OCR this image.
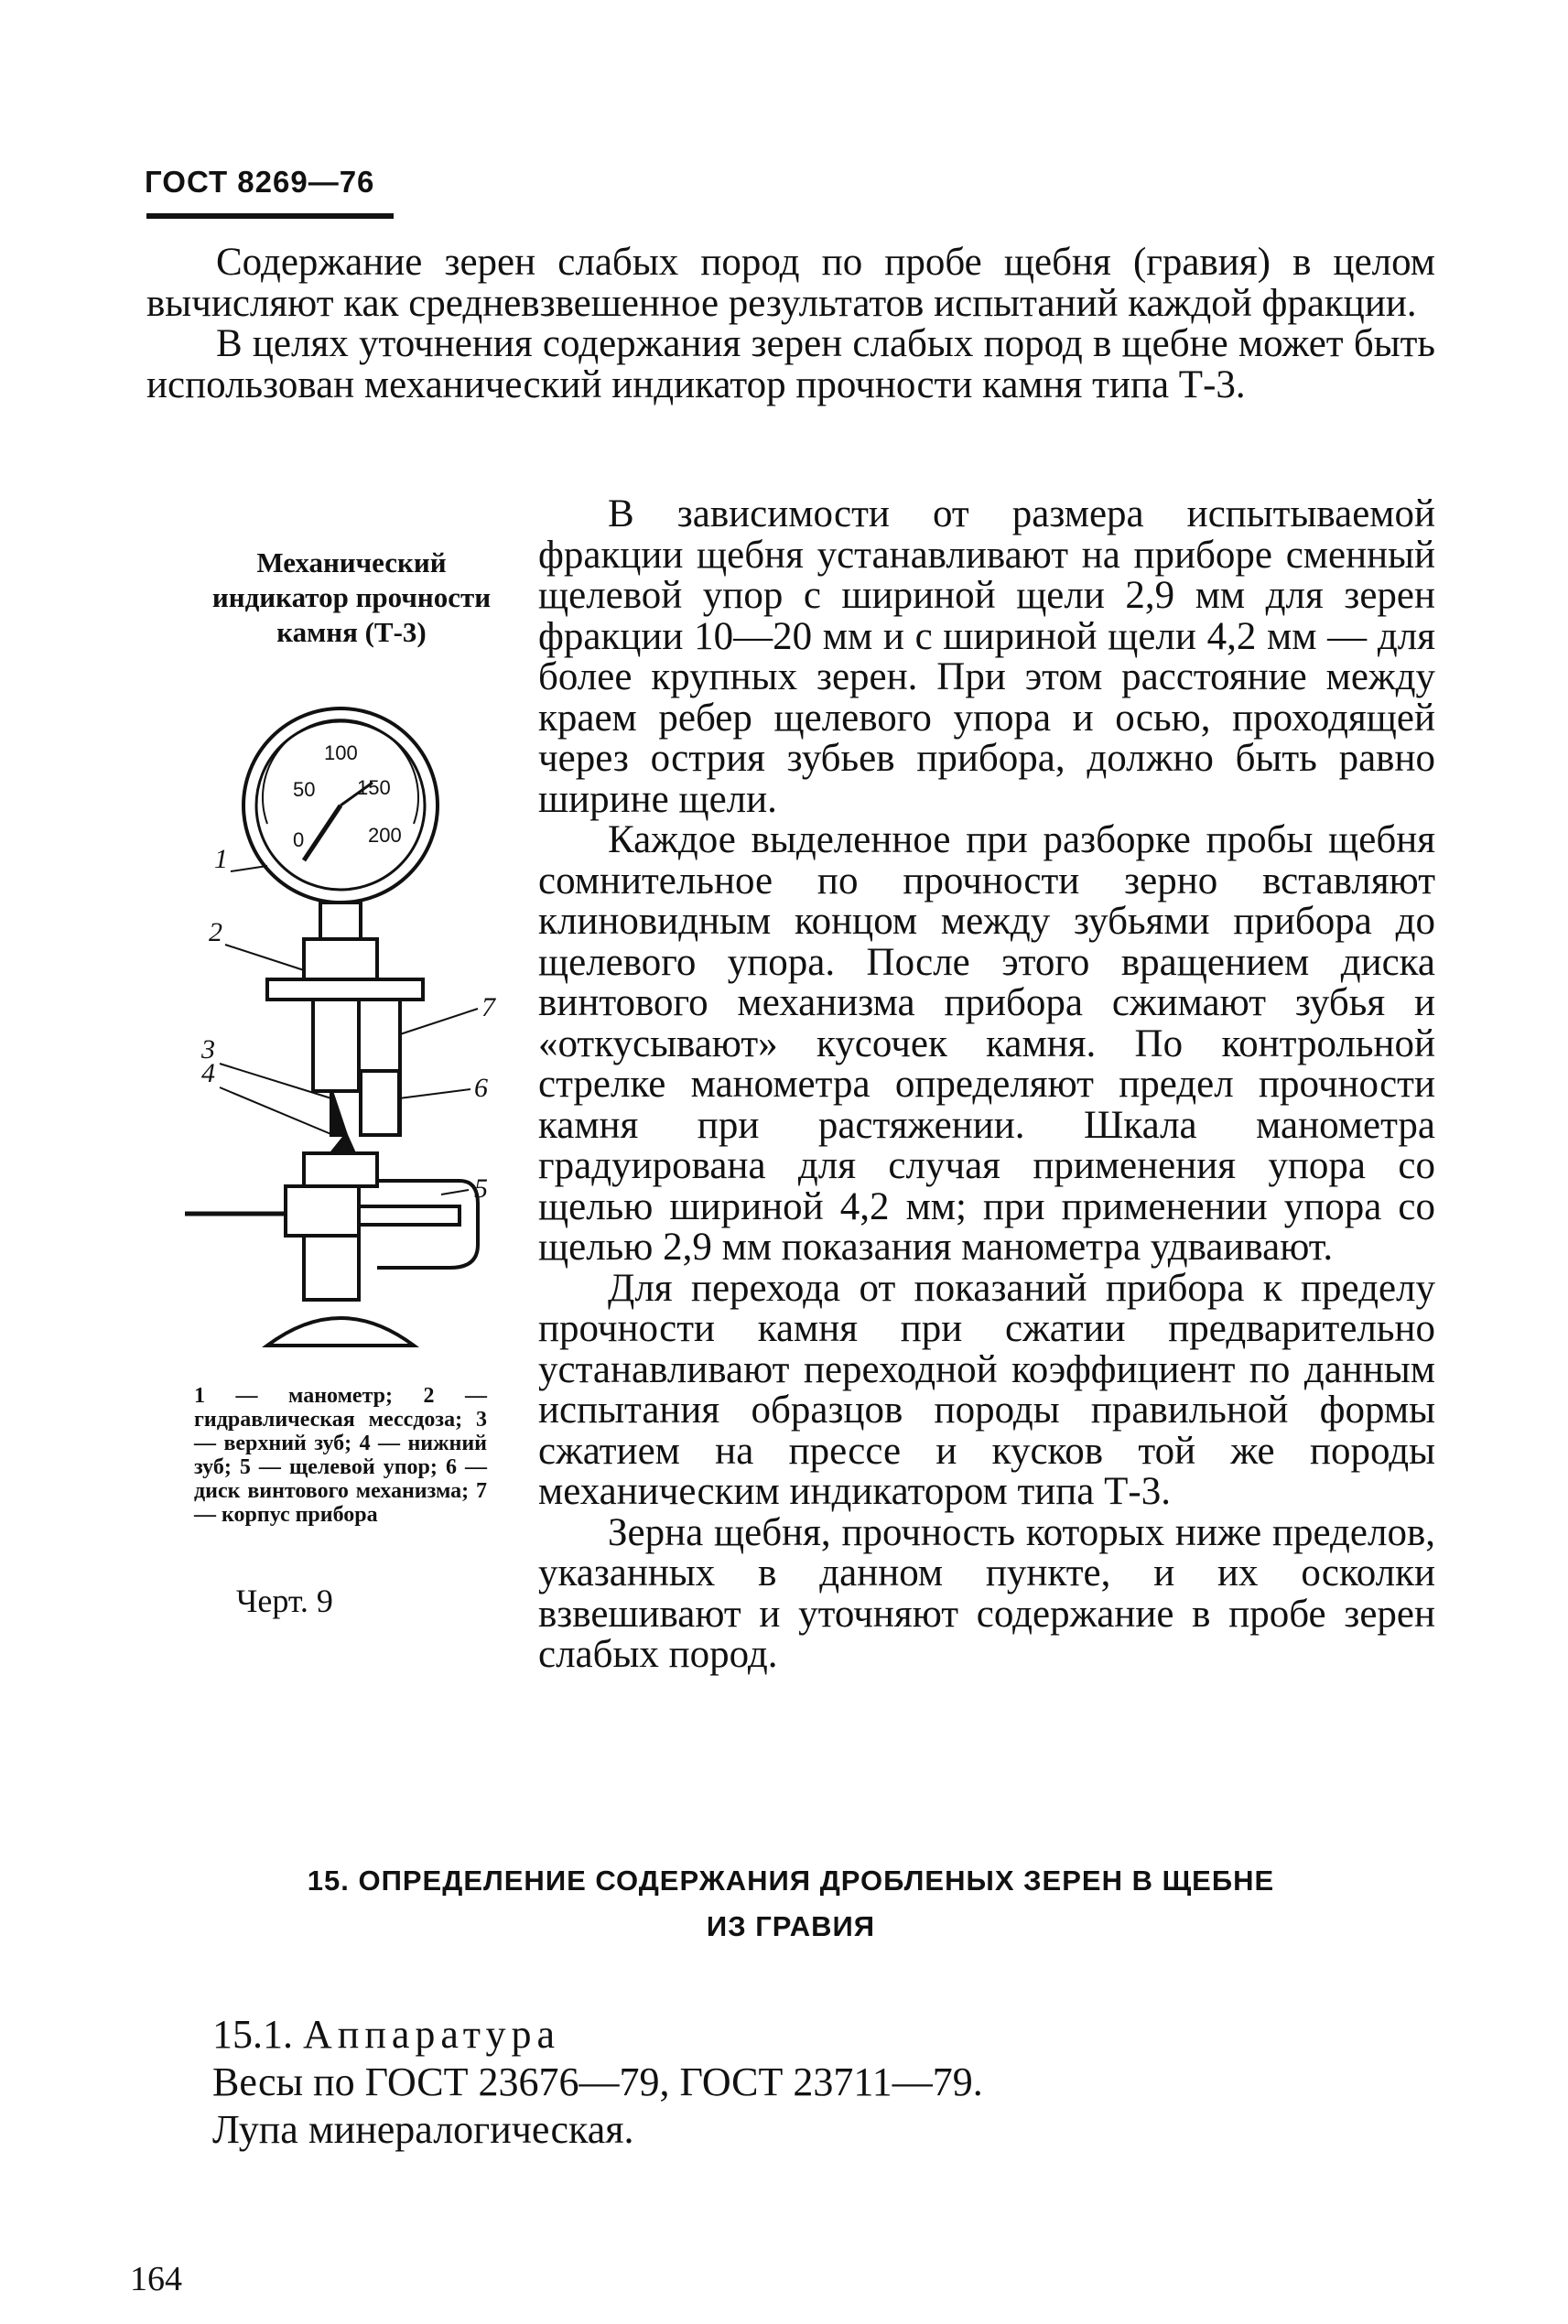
ГОСТ 8269—76

Содержание зерен слабых пород по пробе щебня (гравия) в целом вычисляют как средневзвешенное результатов испытаний каждой фракции.

В целях уточнения содержания зерен слабых пород в щебне может быть использован механический индикатор прочности камня типа Т-3.

Механический индикатор прочности камня (Т-3)
100
50 150
200
0
1
2
3
4
5
6
7
1 — манометр; 2 — гидравлическая мессдоза; 3 — верхний зуб; 4 — нижний зуб; 5 — щелевой упор; 6 — диск винтового механизма; 7 — корпус прибора
Черт. 9

В зависимости от размера испытываемой фракции щебня устанавливают на приборе сменный щелевой упор с шириной щели 2,9 мм для зерен фракции 10—20 мм и с шириной щели 4,2 мм — для более крупных зерен. При этом расстояние между краем ребер щелевого упора и осью, проходящей через острия зубьев прибора, должно быть равно ширине щели.

Каждое выделенное при разборке пробы щебня сомнительное по прочности зерно вставляют клиновидным концом между зубьями прибора до щелевого упора. После этого вращением диска винтового механизма прибора сжимают зубья и «откусывают» кусочек камня. По контрольной стрелке манометра определяют предел прочности камня при растяжении. Шкала манометра градуирована для случая применения упора со щелью шириной 4,2 мм; при применении упора со щелью 2,9 мм показания манометра удваивают.

Для перехода от показаний прибора к пределу прочности камня при сжатии предварительно устанавливают переходной коэффициент по данным испытания образцов породы правильной формы сжатием на прессе и кусков той же породы механическим индикатором типа Т-3.

Зерна щебня, прочность которых ниже пределов, указанных в данном пункте, и их осколки взвешивают и уточняют содержание в пробе зерен слабых пород.

15. ОПРЕДЕЛЕНИЕ СОДЕРЖАНИЯ ДРОБЛЕНЫХ ЗЕРЕН В ЩЕБНЕ
ИЗ ГРАВИЯ
15.1. Аппаратура
Весы по ГОСТ 23676—79, ГОСТ 23711—79.
Лупа минералогическая.
164
